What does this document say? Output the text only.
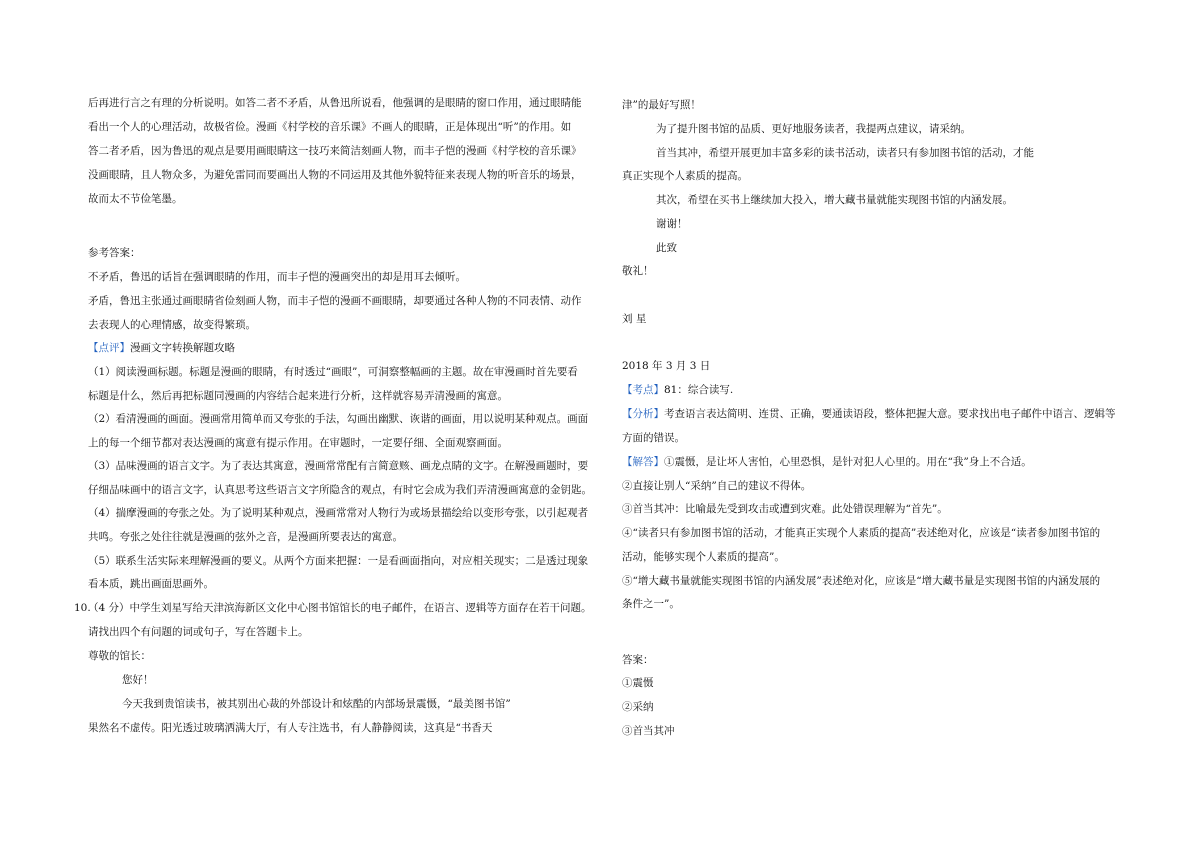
后再进行言之有理的分析说明。如答二者不矛盾，从鲁迅所说看，他强调的是眼睛的窗口作用，通过眼睛能
看出一个人的心理活动，故极省俭。漫画《村学校的音乐课》不画人的眼睛，正是体现出“听”的作用。如
答二者矛盾，因为鲁迅的观点是要用画眼睛这一技巧来简洁刻画人物，而丰子恺的漫画《村学校的音乐课》
没画眼睛，且人物众多，为避免雷同而要画出人物的不同运用及其他外貌特征来表现人物的听音乐的场景，
故而太不节俭笔墨。
参考答案：
不矛盾，鲁迅的话旨在强调眼睛的作用，而丰子恺的漫画突出的却是用耳去倾听。
矛盾，鲁迅主张通过画眼睛省俭刻画人物，而丰子恺的漫画不画眼睛，却要通过各种人物的不同表情、动作
去表现人的心理情感，故变得繁琐。
【点评】漫画文字转换解题攻略
（1）阅读漫画标题。标题是漫画的眼睛，有时透过“画眼”，可洞察整幅画的主题。故在审漫画时首先要看
标题是什么，然后再把标题同漫画的内容结合起来进行分析，这样就容易弄清漫画的寓意。
（2）看清漫画的画面。漫画常用简单而又夸张的手法，勾画出幽默、诙谐的画面，用以说明某种观点。画面
上的每一个细节都对表达漫画的寓意有提示作用。在审题时，一定要仔细、全面观察画面。
（3）品味漫画的语言文字。为了表达其寓意，漫画常常配有言简意赅、画龙点睛的文字。在解漫画题时，要
仔细品味画中的语言文字，认真思考这些语言文字所隐含的观点，有时它会成为我们弄清漫画寓意的金钥匙。
（4）揣摩漫画的夸张之处。为了说明某种观点，漫画常常对人物行为或场景描绘给以变形夸张，以引起观者
共鸣。夸张之处往往就是漫画的弦外之音，是漫画所要表达的寓意。
（5）联系生活实际来理解漫画的要义。从两个方面来把握：一是看画面指向，对应相关现实；二是透过现象
看本质，跳出画面思画外。
10.
（4 分）中学生刘星写给天津滨海新区文化中心图书馆馆长的电子邮件，在语言、逻辑等方面存在若干问题。
请找出四个有问题的词或句子，写在答题卡上。
尊敬的馆长：
您好！
今天我到贵馆读书，被其别出心裁的外部设计和炫酷的内部场景震慑，“最美图书馆”
果然名不虚传。阳光透过玻璃洒满大厅，有人专注选书，有人静静阅读，这真是“书香天
津”的最好写照！
为了提升图书馆的品质、更好地服务读者，我提两点建议，请采纳。
首当其冲，希望开展更加丰富多彩的读书活动，读者只有参加图书馆的活动，才能
真正实现个人素质的提高。
其次，希望在买书上继续加大投入，增大藏书量就能实现图书馆的内涵发展。
谢谢！
此致
敬礼！
刘 星
2018 年 3 月 3 日
【考点】81：综合读写.
【分析】考查语言表达简明、连贯、正确，要通读语段，整体把握大意。要求找出电子邮件中语言、逻辑等
方面的错误。
【解答】①震慑，是让坏人害怕，心里恐惧，是针对犯人心里的。用在“我”身上不合适。
②直接让别人“采纳”自己的建议不得体。
③首当其冲：比喻最先受到攻击或遭到灾难。此处错误理解为“首先”。
④“读者只有参加图书馆的活动，才能真正实现个人素质的提高”表述绝对化，应该是“读者参加图书馆的
活动，能够实现个人素质的提高”。
⑤“增大藏书量就能实现图书馆的内涵发展”表述绝对化，应该是“增大藏书量是实现图书馆的内涵发展的
条件之一”。
答案：
①震慑
②采纳
③首当其冲
